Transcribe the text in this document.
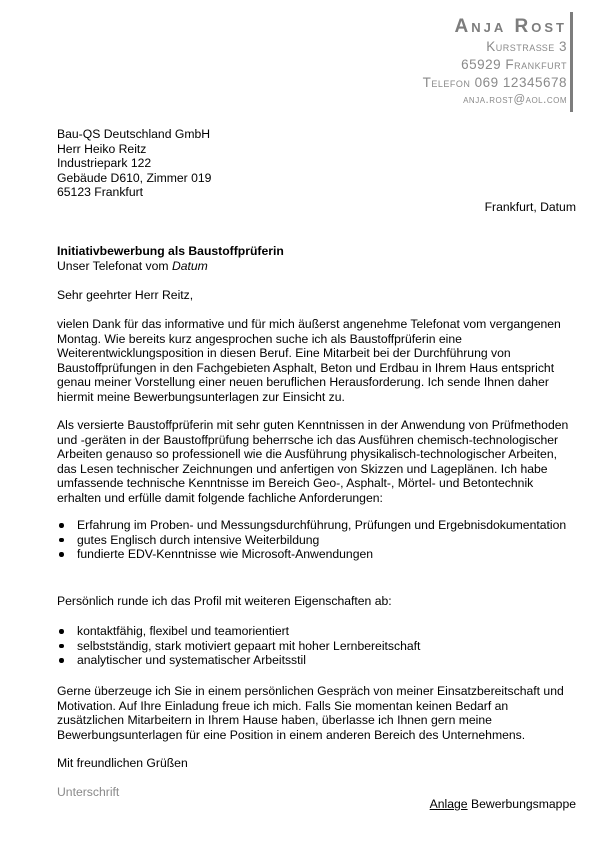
Anja Rost
Kurstraße 3
65929 Frankfurt
Telefon 069 12345678
anja.rost@aol.com
Bau-QS Deutschland GmbH
Herr Heiko Reitz
Industriepark 122
Gebäude D610, Zimmer 019
65123 Frankfurt
Frankfurt, Datum
Initiativbewerbung als Baustoffprüferin
Unser Telefonat vom Datum
Sehr geehrter Herr Reitz,
vielen Dank für das informative und für mich äußerst angenehme Telefonat vom vergangenen Montag. Wie bereits kurz angesprochen suche ich als Baustoffprüferin eine Weiterentwicklungsposition in diesen Beruf. Eine Mitarbeit bei der Durchführung von Baustoffprüfungen in den Fachgebieten Asphalt, Beton und Erdbau in Ihrem Haus entspricht genau meiner Vorstellung einer neuen beruflichen Herausforderung. Ich sende Ihnen daher hiermit meine Bewerbungsunterlagen zur Einsicht zu.
Als versierte Baustoffprüferin mit sehr guten Kenntnissen in der Anwendung von Prüfmethoden und -geräten in der Baustoffprüfung beherrsche ich das Ausführen chemisch-technologischer Arbeiten genauso so professionell wie die Ausführung physikalisch-technologischer Arbeiten, das Lesen technischer Zeichnungen und anfertigen von Skizzen und Lageplänen. Ich habe umfassende technische Kenntnisse im Bereich Geo-, Asphalt-, Mörtel- und Betontechnik erhalten und erfülle damit folgende fachliche Anforderungen:
Erfahrung im Proben- und Messungsdurchführung, Prüfungen und Ergebnisdokumentation
gutes Englisch durch intensive Weiterbildung
fundierte EDV-Kenntnisse wie Microsoft-Anwendungen
Persönlich runde ich das Profil mit weiteren Eigenschaften ab:
kontaktfähig, flexibel und teamorientiert
selbstständig, stark motiviert gepaart mit hoher Lernbereitschaft
analytischer und systematischer Arbeitsstil
Gerne überzeuge ich Sie in einem persönlichen Gespräch von meiner Einsatzbereitschaft und Motivation. Auf Ihre Einladung freue ich mich. Falls Sie momentan keinen Bedarf an zusätzlichen Mitarbeitern in Ihrem Hause haben, überlasse ich Ihnen gern meine Bewerbungsunterlagen für eine Position in einem anderen Bereich des Unternehmens.
Mit freundlichen Grüßen
Unterschrift
Anlage Bewerbungsmappe
